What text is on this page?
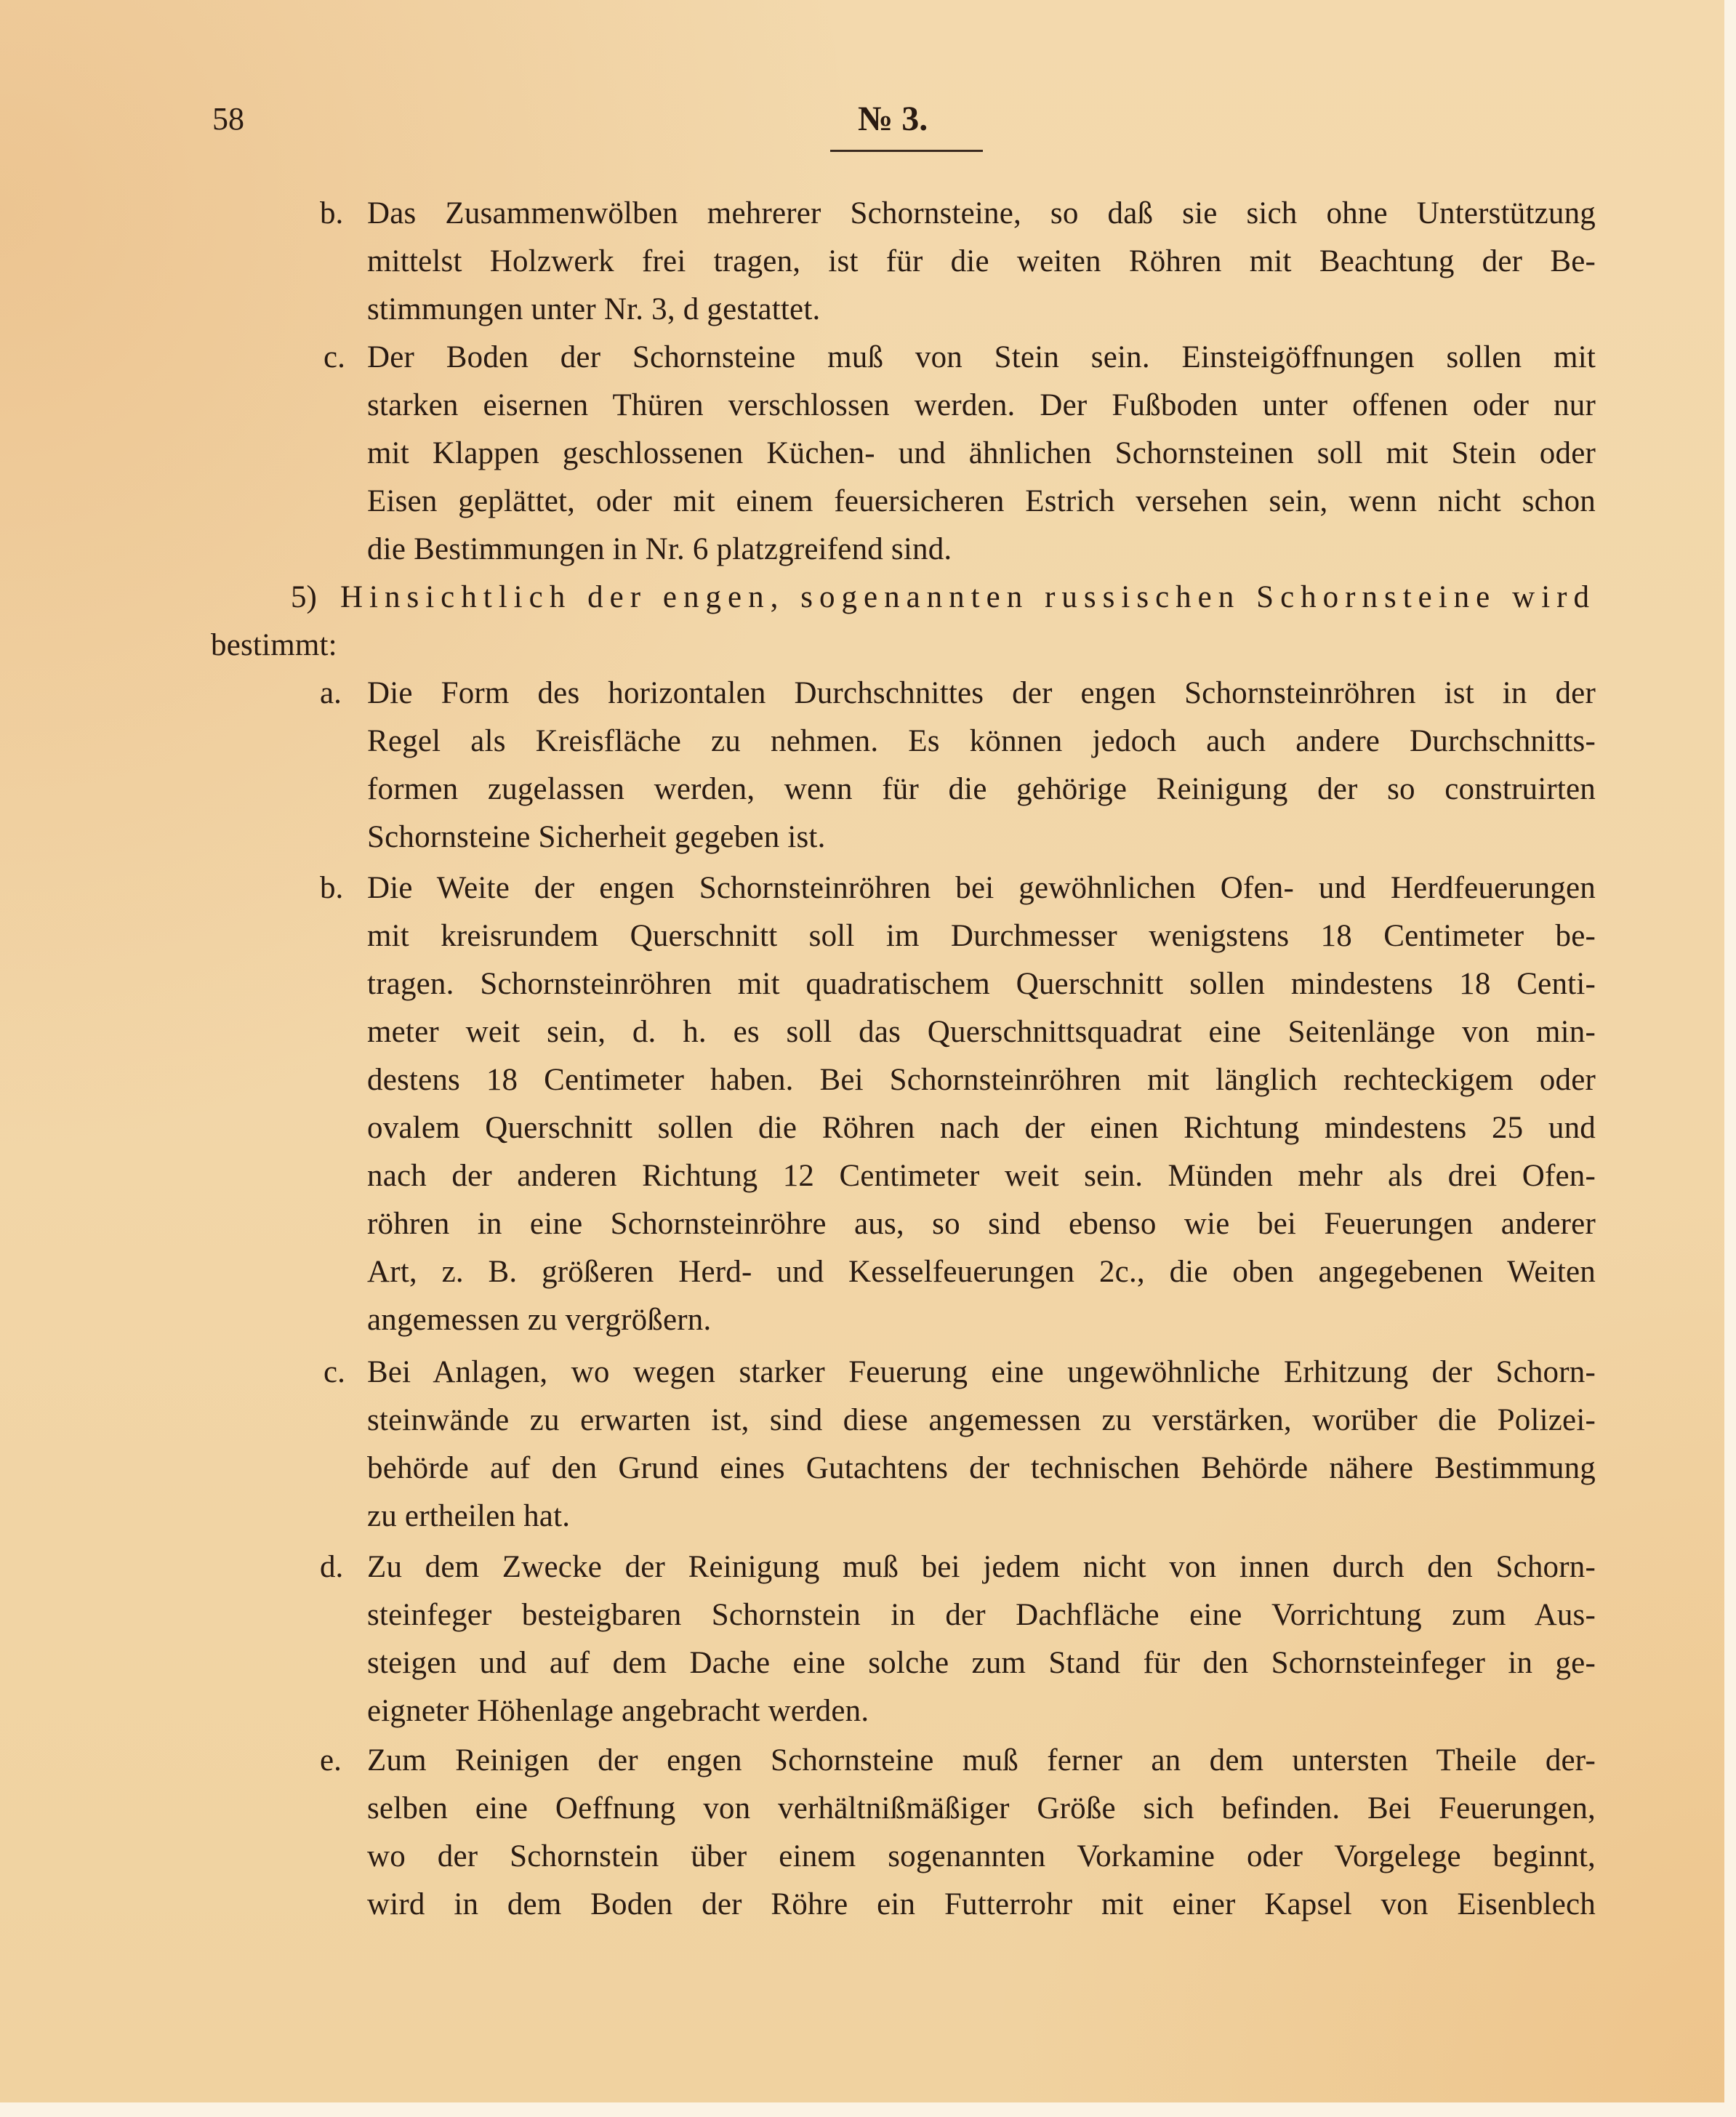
58	№ 3.
b. Das Zusammenwölben mehrerer Schornsteine, so daß sie sich ohne Unterstützung
mittelst Holzwerk frei tragen, ist für die weiten Röhren mit Beachtung der Be-
stimmungen unter Nr. 3, d gestattet.
c. Der Boden der Schornsteine muß von Stein sein. Einsteigöffnungen sollen mit
starken eisernen Thüren verschlossen werden. Der Fußboden unter offenen oder nur
mit Klappen geschlossenen Küchen- und ähnlichen Schornsteinen soll mit Stein oder
Eisen geplättet, oder mit einem feuersicheren Estrich versehen sein, wenn nicht schon
die Bestimmungen in Nr. 6 platzgreifend sind.
5) Hinsichtlich der engen, sogenannten russischen Schornsteine wird
bestimmt:
a. Die Form des horizontalen Durchschnittes der engen Schornsteinröhren ist in der
Regel als Kreisfläche zu nehmen. Es können jedoch auch andere Durchschnitts-
formen zugelassen werden, wenn für die gehörige Reinigung der so construirten
Schornsteine Sicherheit gegeben ist.
b. Die Weite der engen Schornsteinröhren bei gewöhnlichen Ofen- und Herdfeuerungen
mit kreisrundem Querschnitt soll im Durchmesser wenigstens 18 Centimeter be-
tragen. Schornsteinröhren mit quadratischem Querschnitt sollen mindestens 18 Centi-
meter weit sein, d. h. es soll das Querschnittsquadrat eine Seitenlänge von min-
destens 18 Centimeter haben. Bei Schornsteinröhren mit länglich rechteckigem oder
ovalem Querschnitt sollen die Röhren nach der einen Richtung mindestens 25 und
nach der anderen Richtung 12 Centimeter weit sein. Münden mehr als drei Ofen-
röhren in eine Schornsteinröhre aus, so sind ebenso wie bei Feuerungen anderer
Art, z. B. größeren Herd- und Kesselfeuerungen 2c., die oben angegebenen Weiten
angemessen zu vergrößern.
c. Bei Anlagen, wo wegen starker Feuerung eine ungewöhnliche Erhitzung der Schorn-
steinwände zu erwarten ist, sind diese angemessen zu verstärken, worüber die Polizei-
behörde auf den Grund eines Gutachtens der technischen Behörde nähere Bestimmung
zu ertheilen hat.
d. Zu dem Zwecke der Reinigung muß bei jedem nicht von innen durch den Schorn-
steinfeger besteigbaren Schornstein in der Dachfläche eine Vorrichtung zum Aus-
steigen und auf dem Dache eine solche zum Stand für den Schornsteinfeger in ge-
eigneter Höhenlage angebracht werden.
e. Zum Reinigen der engen Schornsteine muß ferner an dem untersten Theile der-
selben eine Oeffnung von verhältnißmäßiger Größe sich befinden. Bei Feuerungen,
wo der Schornstein über einem sogenannten Vorkamine oder Vorgelege beginnt,
wird in dem Boden der Röhre ein Futterrohr mit einer Kapsel von Eisenblech
